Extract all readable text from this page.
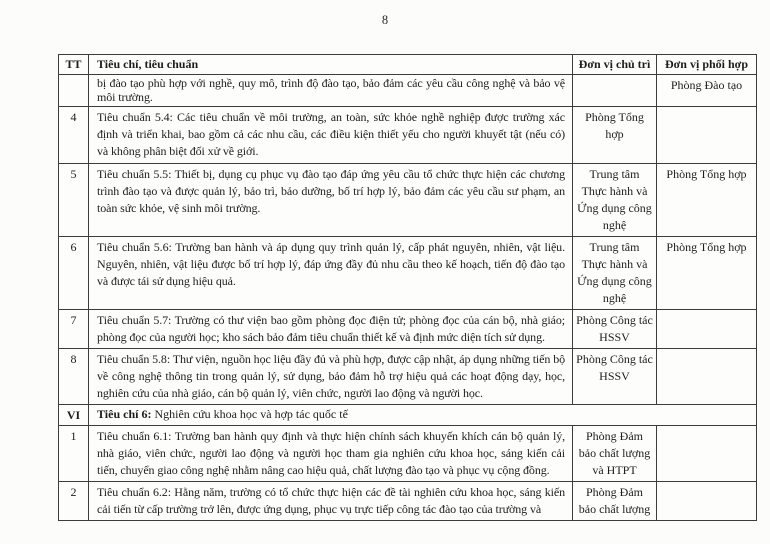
8
TT	Tiêu chí, tiêu chuẩn	Đơn vị chủ trì	Đơn vị phối hợp
	bị đào tạo phù hợp với nghề, quy mô, trình độ đào tạo, bảo đảm các yêu cầu công nghệ và bảo vệ môi trường.		Phòng Đào tạo
4	Tiêu chuẩn 5.4: Các tiêu chuẩn về môi trường, an toàn, sức khỏe nghề nghiệp được trường xác định và triển khai, bao gồm cả các nhu cầu, các điều kiện thiết yếu cho người khuyết tật (nếu có) và không phân biệt đối xử về giới.	Phòng Tổng hợp	
5	Tiêu chuẩn 5.5: Thiết bị, dụng cụ phục vụ đào tạo đáp ứng yêu cầu tổ chức thực hiện các chương trình đào tạo và được quản lý, bảo trì, bảo dưỡng, bố trí hợp lý, bảo đảm các yêu cầu sư phạm, an toàn sức khỏe, vệ sinh môi trường.	Trung tâm Thực hành và Ứng dụng công nghệ	Phòng Tổng hợp
6	Tiêu chuẩn 5.6: Trường ban hành và áp dụng quy trình quản lý, cấp phát nguyên, nhiên, vật liệu. Nguyên, nhiên, vật liệu được bố trí hợp lý, đáp ứng đầy đủ nhu cầu theo kế hoạch, tiến độ đào tạo và được tái sử dụng hiệu quả.	Trung tâm Thực hành và Ứng dụng công nghệ	Phòng Tổng hợp
7	Tiêu chuẩn 5.7: Trường có thư viện bao gồm phòng đọc điện tử; phòng đọc của cán bộ, nhà giáo; phòng đọc của người học; kho sách bảo đảm tiêu chuẩn thiết kế và định mức diện tích sử dụng.	Phòng Công tác HSSV	
8	Tiêu chuẩn 5.8: Thư viện, nguồn học liệu đầy đủ và phù hợp, được cập nhật, áp dụng những tiến bộ về công nghệ thông tin trong quản lý, sử dụng, bảo đảm hỗ trợ hiệu quả các hoạt động dạy, học, nghiên cứu của nhà giáo, cán bộ quản lý, viên chức, người lao động và người học.	Phòng Công tác HSSV	
VI	Tiêu chí 6: Nghiên cứu khoa học và hợp tác quốc tế		
1	Tiêu chuẩn 6.1: Trường ban hành quy định và thực hiện chính sách khuyến khích cán bộ quản lý, nhà giáo, viên chức, người lao động và người học tham gia nghiên cứu khoa học, sáng kiến cải tiến, chuyển giao công nghệ nhằm nâng cao hiệu quả, chất lượng đào tạo và phục vụ cộng đồng.	Phòng Đảm bảo chất lượng và HTPT	
2	Tiêu chuẩn 6.2: Hằng năm, trường có tổ chức thực hiện các đề tài nghiên cứu khoa học, sáng kiến cải tiến từ cấp trường trở lên, được ứng dụng, phục vụ trực tiếp công tác đào tạo của trường và	Phòng Đảm bảo chất lượng	
